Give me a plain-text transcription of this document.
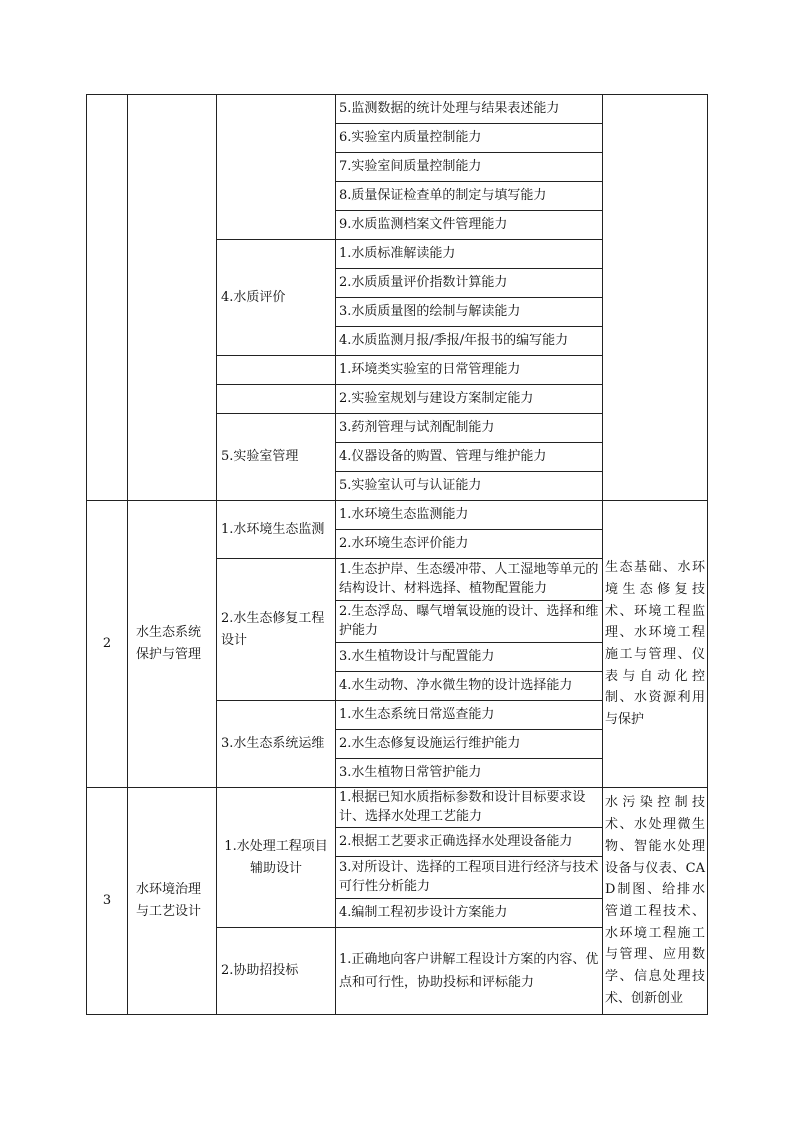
			5.监测数据的统计处理与结果表述能力	
			6.实验室内质量控制能力	
			7.实验室间质量控制能力	
			8.质量保证检查单的制定与填写能力	
			9.水质监测档案文件管理能力	
		4.水质评价	1.水质标准解读能力	
			2.水质质量评价指数计算能力	
			3.水质质量图的绘制与解读能力	
			4.水质监测月报/季报/年报书的编写能力	
			1.环境类实验室的日常管理能力	
			2.实验室规划与建设方案制定能力	
		5.实验室管理	3.药剂管理与试剂配制能力	
			4.仪器设备的购置、管理与维护能力	
			5.实验室认可与认证能力	
2	水生态系统保护与管理	1.水环境生态监测	1.水环境生态监测能力	生态基础、水环境生态修复技术、环境工程监理、水环境工程施工与管理、仪表与自动化控制、水资源利用与保护
			2.水环境生态评价能力	
		2.水生态修复工程设计	1.生态护岸、生态缓冲带、人工湿地等单元的结构设计、材料选择、植物配置能力	
			2.生态浮岛、曝气增氧设施的设计、选择和维护能力	
			3.水生植物设计与配置能力	
			4.水生动物、净水微生物的设计选择能力	
		3.水生态系统运维	1.水生态系统日常巡查能力	
			2.水生态修复设施运行维护能力	
			3.水生植物日常管护能力	
3	水环境治理与工艺设计	1.水处理工程项目辅助设计	1.根据已知水质指标参数和设计目标要求设计、选择水处理工艺能力	水污染控制技术、水处理微生物、智能水处理设备与仪表、CAD制图、给排水管道工程技术、水环境工程施工与管理、应用数学、信息处理技术、创新创业
			2.根据工艺要求正确选择水处理设备能力	
			3.对所设计、选择的工程项目进行经济与技术可行性分析能力	
			4.编制工程初步设计方案能力	
		2.协助招投标	1.正确地向客户讲解工程设计方案的内容、优点和可行性，协助投标和评标能力	
